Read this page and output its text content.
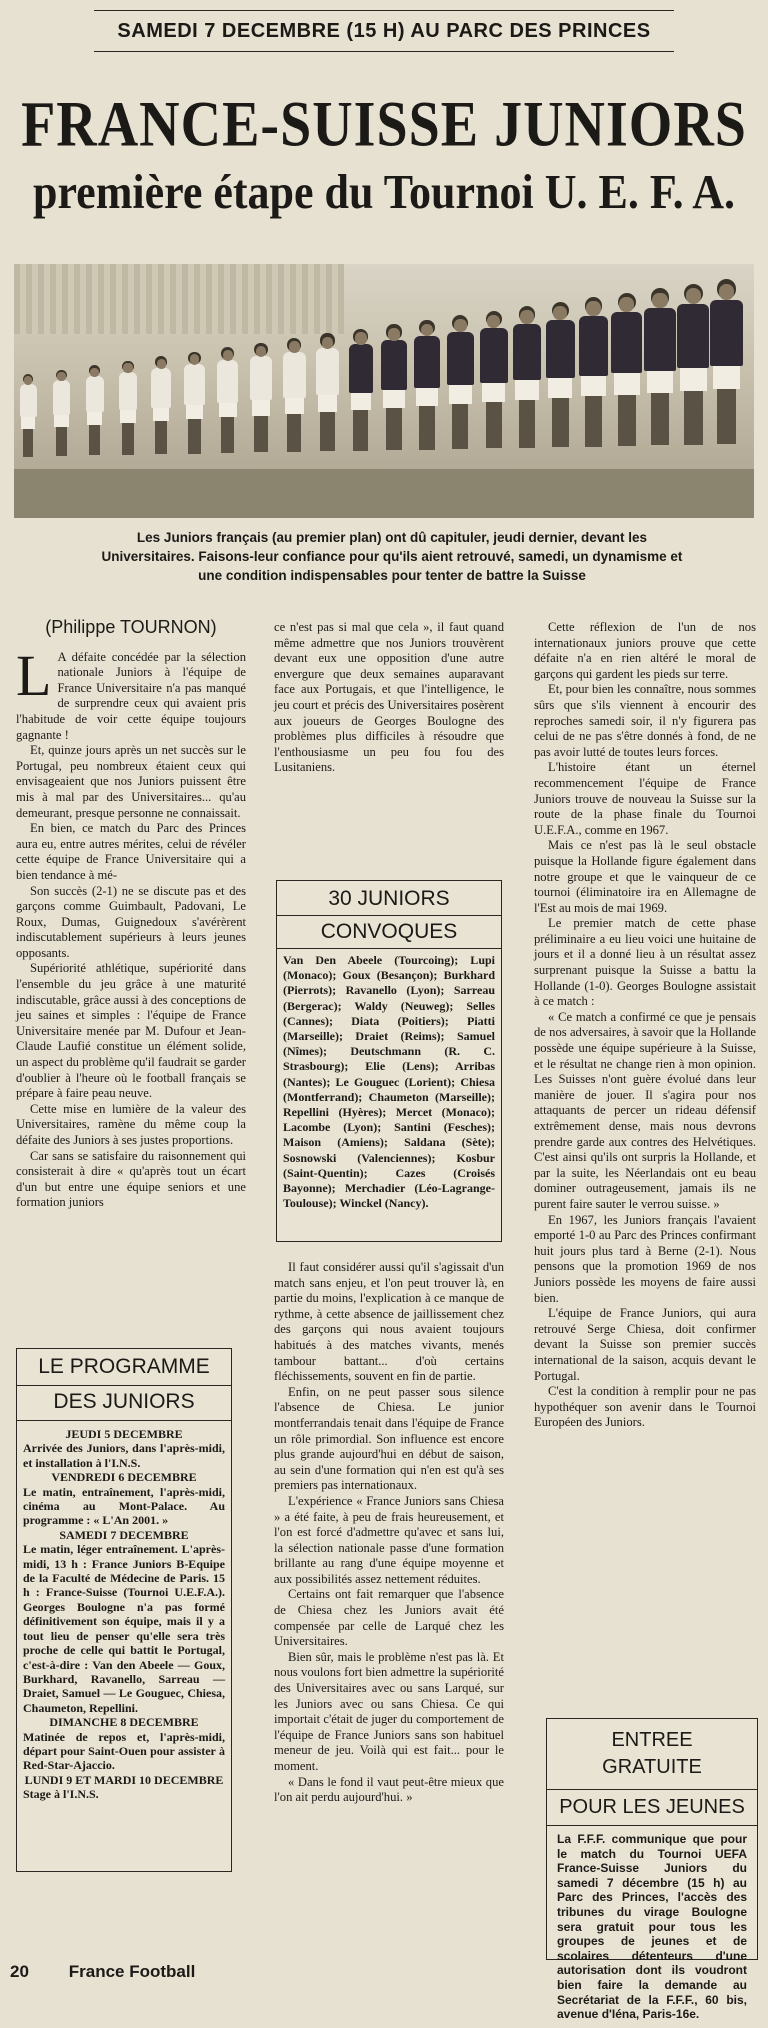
SAMEDI 7 DECEMBRE (15 H) AU PARC DES PRINCES
FRANCE-SUISSE JUNIORS
première étape du Tournoi U. E. F. A.
Les Juniors français (au premier plan) ont dû capituler, jeudi dernier, devant les Universitaires. Faisons-leur confiance pour qu'ils aient retrouvé, samedi, un dynamisme et une condition indispensables pour tenter de battre la Suisse
(Philippe TOURNON)

L A défaite concédée par la sélection nationale Juniors à l'équipe de France Universitaire n'a pas manqué de surprendre ceux qui avaient pris l'habitude de voir cette équipe toujours gagnante !

Et, quinze jours après un net succès sur le Portugal, peu nombreux étaient ceux qui envisageaient que nos Juniors puissent être mis à mal par des Universitaires... qu'au demeurant, presque personne ne connaissait.

En bien, ce match du Parc des Princes aura eu, entre autres mérites, celui de révéler cette équipe de France Universitaire qui a bien tendance à mé-

Son succès (2-1) ne se discute pas et des garçons comme Guimbault, Padovani, Le Roux, Dumas, Guignedoux s'avérèrent indiscutablement supérieurs à leurs jeunes opposants.

Supériorité athlétique, supériorité dans l'ensemble du jeu grâce à une maturité indiscutable, grâce aussi à des conceptions de jeu saines et simples : l'équipe de France Universitaire menée par M. Dufour et Jean-Claude Laufié constitue un élément solide, un aspect du problème qu'il faudrait se garder d'oublier à l'heure où le football français se prépare à faire peau neuve.

Cette mise en lumière de la valeur des Universitaires, ramène du même coup la défaite des Juniors à ses justes proportions.

Car sans se satisfaire du raisonnement qui consisterait à dire « qu'après tout un écart d'un but entre une équipe seniors et une formation juniors

ce n'est pas si mal que cela », il faut quand même admettre que nos Juniors trouvèrent devant eux une opposition d'une autre envergure que deux semaines auparavant face aux Portugais, et que l'intelligence, le jeu court et précis des Universitaires posèrent aux joueurs de Georges Boulogne des problèmes plus difficiles à résoudre que l'enthousiasme un peu fou fou des Lusitaniens.

30 JUNIORS
CONVOQUES
Van Den Abeele (Tourcoing); Lupi (Monaco); Goux (Besançon); Burkhard (Pierrots); Ravanello (Lyon); Sarreau (Bergerac); Waldy (Neuweg); Selles (Cannes); Diata (Poitiers); Piatti (Marseille); Draiet (Reims); Samuel (Nîmes); Deutschmann (R. C. Strasbourg); Elie (Lens); Arribas (Nantes); Le Gouguec (Lorient); Chiesa (Montferrand); Chaumeton (Marseille); Repellini (Hyères); Mercet (Monaco); Lacombe (Lyon); Santini (Fesches); Maison (Amiens); Saldana (Sète); Sosnowski (Valenciennes); Kosbur (Saint-Quentin); Cazes (Croisés Bayonne); Merchadier (Léo-Lagrange-Toulouse); Winckel (Nancy).

Il faut considérer aussi qu'il s'agissait d'un match sans enjeu, et l'on peut trouver là, en partie du moins, l'explication à ce manque de rythme, à cette absence de jaillissement chez des garçons qui nous avaient toujours habitués à des matches vivants, menés tambour battant... d'où certains fléchissements, souvent en fin de partie.

Enfin, on ne peut passer sous silence l'absence de Chiesa. Le junior montferrandais tenait dans l'équipe de France un rôle primordial. Son influence est encore plus grande aujourd'hui en début de saison, au sein d'une formation qui n'en est qu'à ses premiers pas internationaux.

L'expérience « France Juniors sans Chiesa » a été faite, à peu de frais heureusement, et l'on est forcé d'admettre qu'avec et sans lui, la sélection nationale passe d'une formation brillante au rang d'une équipe moyenne et aux possibilités assez nettement réduites.

Certains ont fait remarquer que l'absence de Chiesa chez les Juniors avait été compensée par celle de Larqué chez les Universitaires.

Bien sûr, mais le problème n'est pas là. Et nous voulons fort bien admettre la supériorité des Universitaires avec ou sans Larqué, sur les Juniors avec ou sans Chiesa. Ce qui importait c'était de juger du comportement de l'équipe de France Juniors sans son habituel meneur de jeu. Voilà qui est fait... pour le moment.

« Dans le fond il vaut peut-être mieux que l'on ait perdu aujourd'hui. »

Cette réflexion de l'un de nos internationaux juniors prouve que cette défaite n'a en rien altéré le moral de garçons qui gardent les pieds sur terre.

Et, pour bien les connaître, nous sommes sûrs que s'ils viennent à encourir des reproches samedi soir, il n'y figurera pas celui de ne pas s'être donnés à fond, de ne pas avoir lutté de toutes leurs forces.

L'histoire étant un éternel recommencement l'équipe de France Juniors trouve de nouveau la Suisse sur la route de la phase finale du Tournoi U.E.F.A., comme en 1967.

Mais ce n'est pas là le seul obstacle puisque la Hollande figure également dans notre groupe et que le vainqueur de ce tournoi (éliminatoire ira en Allemagne de l'Est au mois de mai 1969.

Le premier match de cette phase préliminaire a eu lieu voici une huitaine de jours et il a donné lieu à un résultat assez surprenant puisque la Suisse a battu la Hollande (1-0). Georges Boulogne assistait à ce match :

« Ce match a confirmé ce que je pensais de nos adversaires, à savoir que la Hollande possède une équipe supérieure à la Suisse, et le résultat ne change rien à mon opinion. Les Suisses n'ont guère évolué dans leur manière de jouer. Il s'agira pour nos attaquants de percer un rideau défensif extrêmement dense, mais nous devrons prendre garde aux contres des Helvétiques. C'est ainsi qu'ils ont surpris la Hollande, et par la suite, les Néerlandais ont eu beau dominer outrageusement, jamais ils ne purent faire sauter le verrou suisse. »

En 1967, les Juniors français l'avaient emporté 1-0 au Parc des Princes confirmant huit jours plus tard à Berne (2-1). Nous pensons que la promotion 1969 de nos Juniors possède les moyens de faire aussi bien.

L'équipe de France Juniors, qui aura retrouvé Serge Chiesa, doit confirmer devant la Suisse son premier succès international de la saison, acquis devant le Portugal.

C'est la condition à remplir pour ne pas hypothéquer son avenir dans le Tournoi Européen des Juniors.

LE PROGRAMME
DES JUNIORS
JEUDI 5 DECEMBRE
Arrivée des Juniors, dans l'après-midi, et installation à l'I.N.S.
VENDREDI 6 DECEMBRE
Le matin, entraînement, l'après-midi, cinéma au Mont-Palace. Au programme : « L'An 2001. »
SAMEDI 7 DECEMBRE
Le matin, léger entraînement. L'après-midi, 13 h : France Juniors B-Equipe de la Faculté de Médecine de Paris. 15 h : France-Suisse (Tournoi U.E.F.A.). Georges Boulogne n'a pas formé définitivement son équipe, mais il y a tout lieu de penser qu'elle sera très proche de celle qui battit le Portugal, c'est-à-dire : Van den Abeele — Goux, Burkhard, Ravanello, Sarreau — Draiet, Samuel — Le Gouguec, Chiesa, Chaumeton, Repellini.
DIMANCHE 8 DECEMBRE
Matinée de repos et, l'après-midi, départ pour Saint-Ouen pour assister à Red-Star-Ajaccio.
LUNDI 9 ET MARDI 10 DECEMBRE
Stage à l'I.N.S.
ENTREE
GRATUITE
POUR LES JEUNES
La F.F.F. communique que pour le match du Tournoi UEFA France-Suisse Juniors du samedi 7 décembre (15 h) au Parc des Princes, l'accès des tribunes du virage Boulogne sera gratuit pour tous les groupes de jeunes et de scolaires détenteurs d'une autorisation dont ils voudront bien faire la demande au Secrétariat de la F.F.F., 60 bis, avenue d'Iéna, Paris-16e.
20 France Football
